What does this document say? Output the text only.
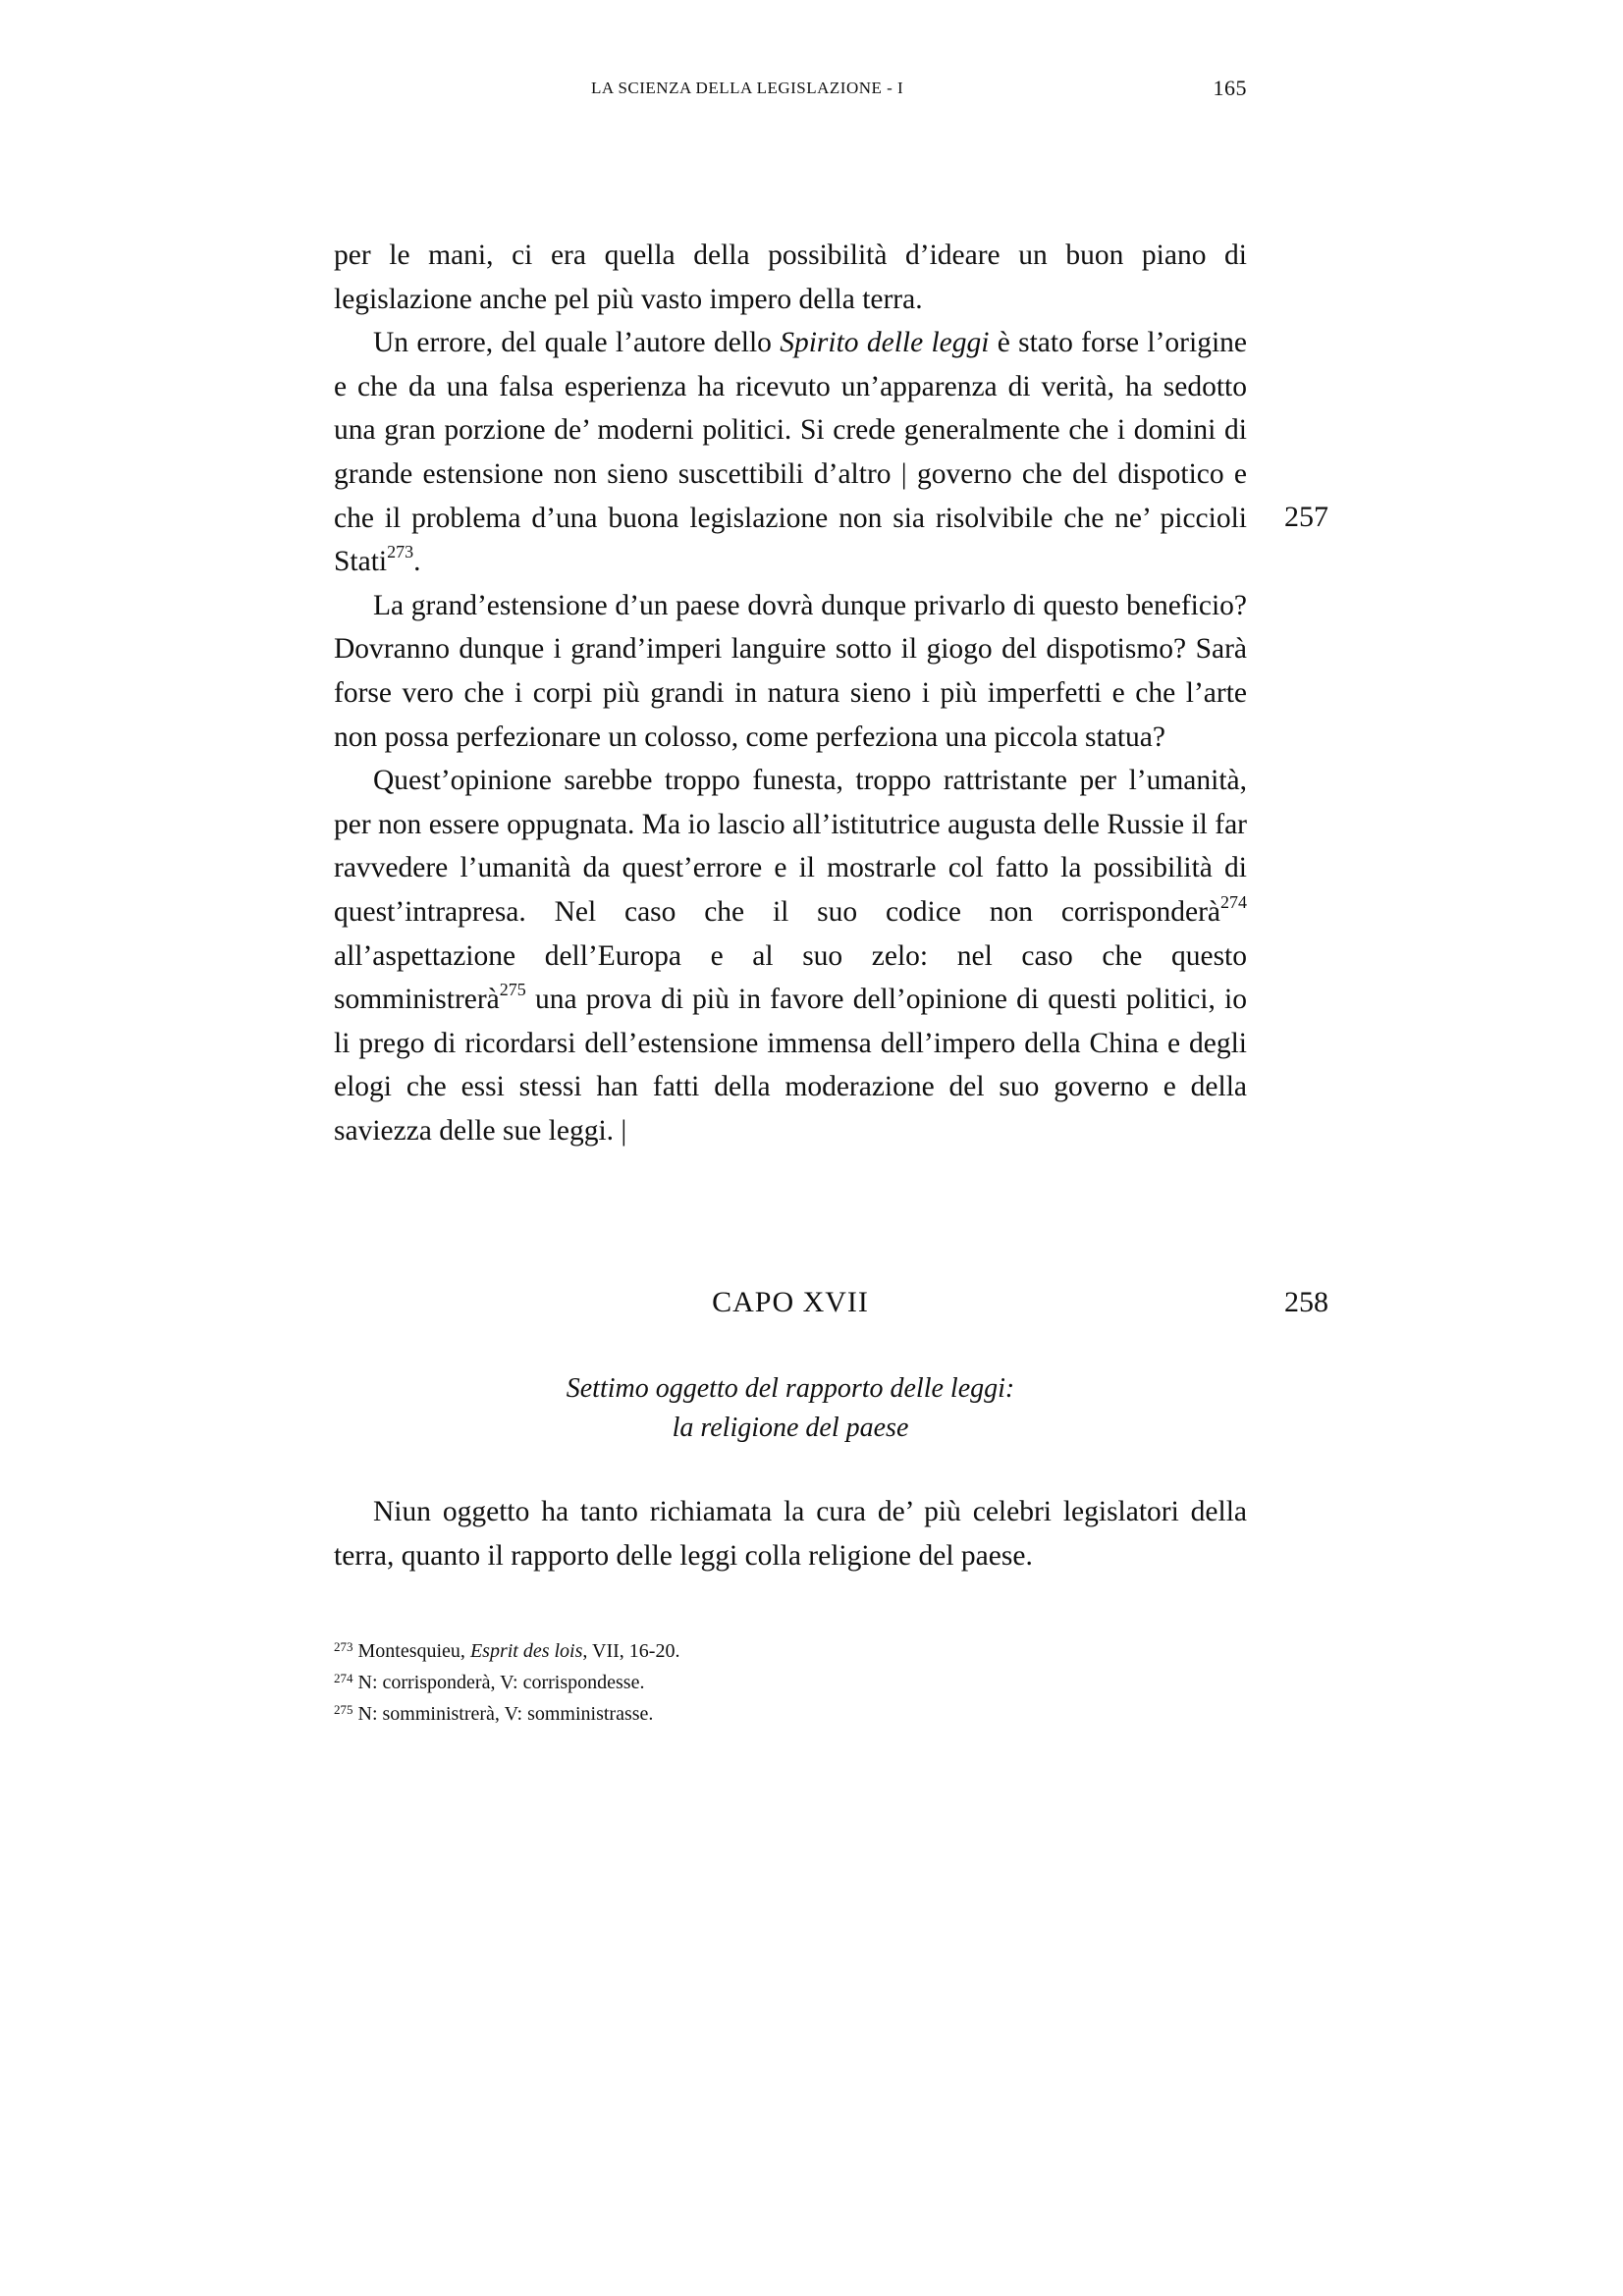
LA SCIENZA DELLA LEGISLAZIONE - I	165

per le mani, ci era quella della possibilità d’ideare un buon piano di legislazione anche pel più vasto impero della terra.

Un errore, del quale l’autore dello Spirito delle leggi è stato forse l’origine e che da una falsa esperienza ha ricevuto un’apparenza di verità, ha sedotto una gran porzione de’ moderni politici. Si crede generalmente che i domini di grande estensione non sieno suscettibili d’altro | governo che del dispotico e che il problema d’una buona legislazione non sia risolvibile che ne’ piccioli Stati$^{273}$.

La grand’estensione d’un paese dovrà dunque privarlo di questo beneficio? Dovranno dunque i grand’imperi languire sotto il giogo del dispotismo? Sarà forse vero che i corpi più grandi in natura sieno i più imperfetti e che l’arte non possa perfezionare un colosso, come perfeziona una piccola statua?

Quest’opinione sarebbe troppo funesta, troppo rattristante per l’umanità, per non essere oppugnata. Ma io lascio all’istitutrice augusta delle Russie il far ravvedere l’umanità da quest’errore e il mostrarle col fatto la possibilità di quest’intrapresa. Nel caso che il suo codice non corrisponderà$^{274}$ all’aspettazione dell’Europa e al suo zelo: nel caso che questo somministrerà$^{275}$ una prova di più in favore dell’opinione di questi politici, io li prego di ricordarsi dell’estensione immensa dell’impero della China e degli elogi che essi stessi han fatti della moderazione del suo governo e della saviezza delle sue leggi. |

257
CAPO XVII	258
Settimo oggetto del rapporto delle leggi:
la religione del paese

Niun oggetto ha tanto richiamata la cura de’ più celebri legislatori della terra, quanto il rapporto delle leggi colla religione del paese.

$^{273}$ Montesquieu, Esprit des lois, VII, 16-20.
$^{274}$ N: corrisponderà, V: corrispondesse.
$^{275}$ N: somministrerà, V: somministrasse.
